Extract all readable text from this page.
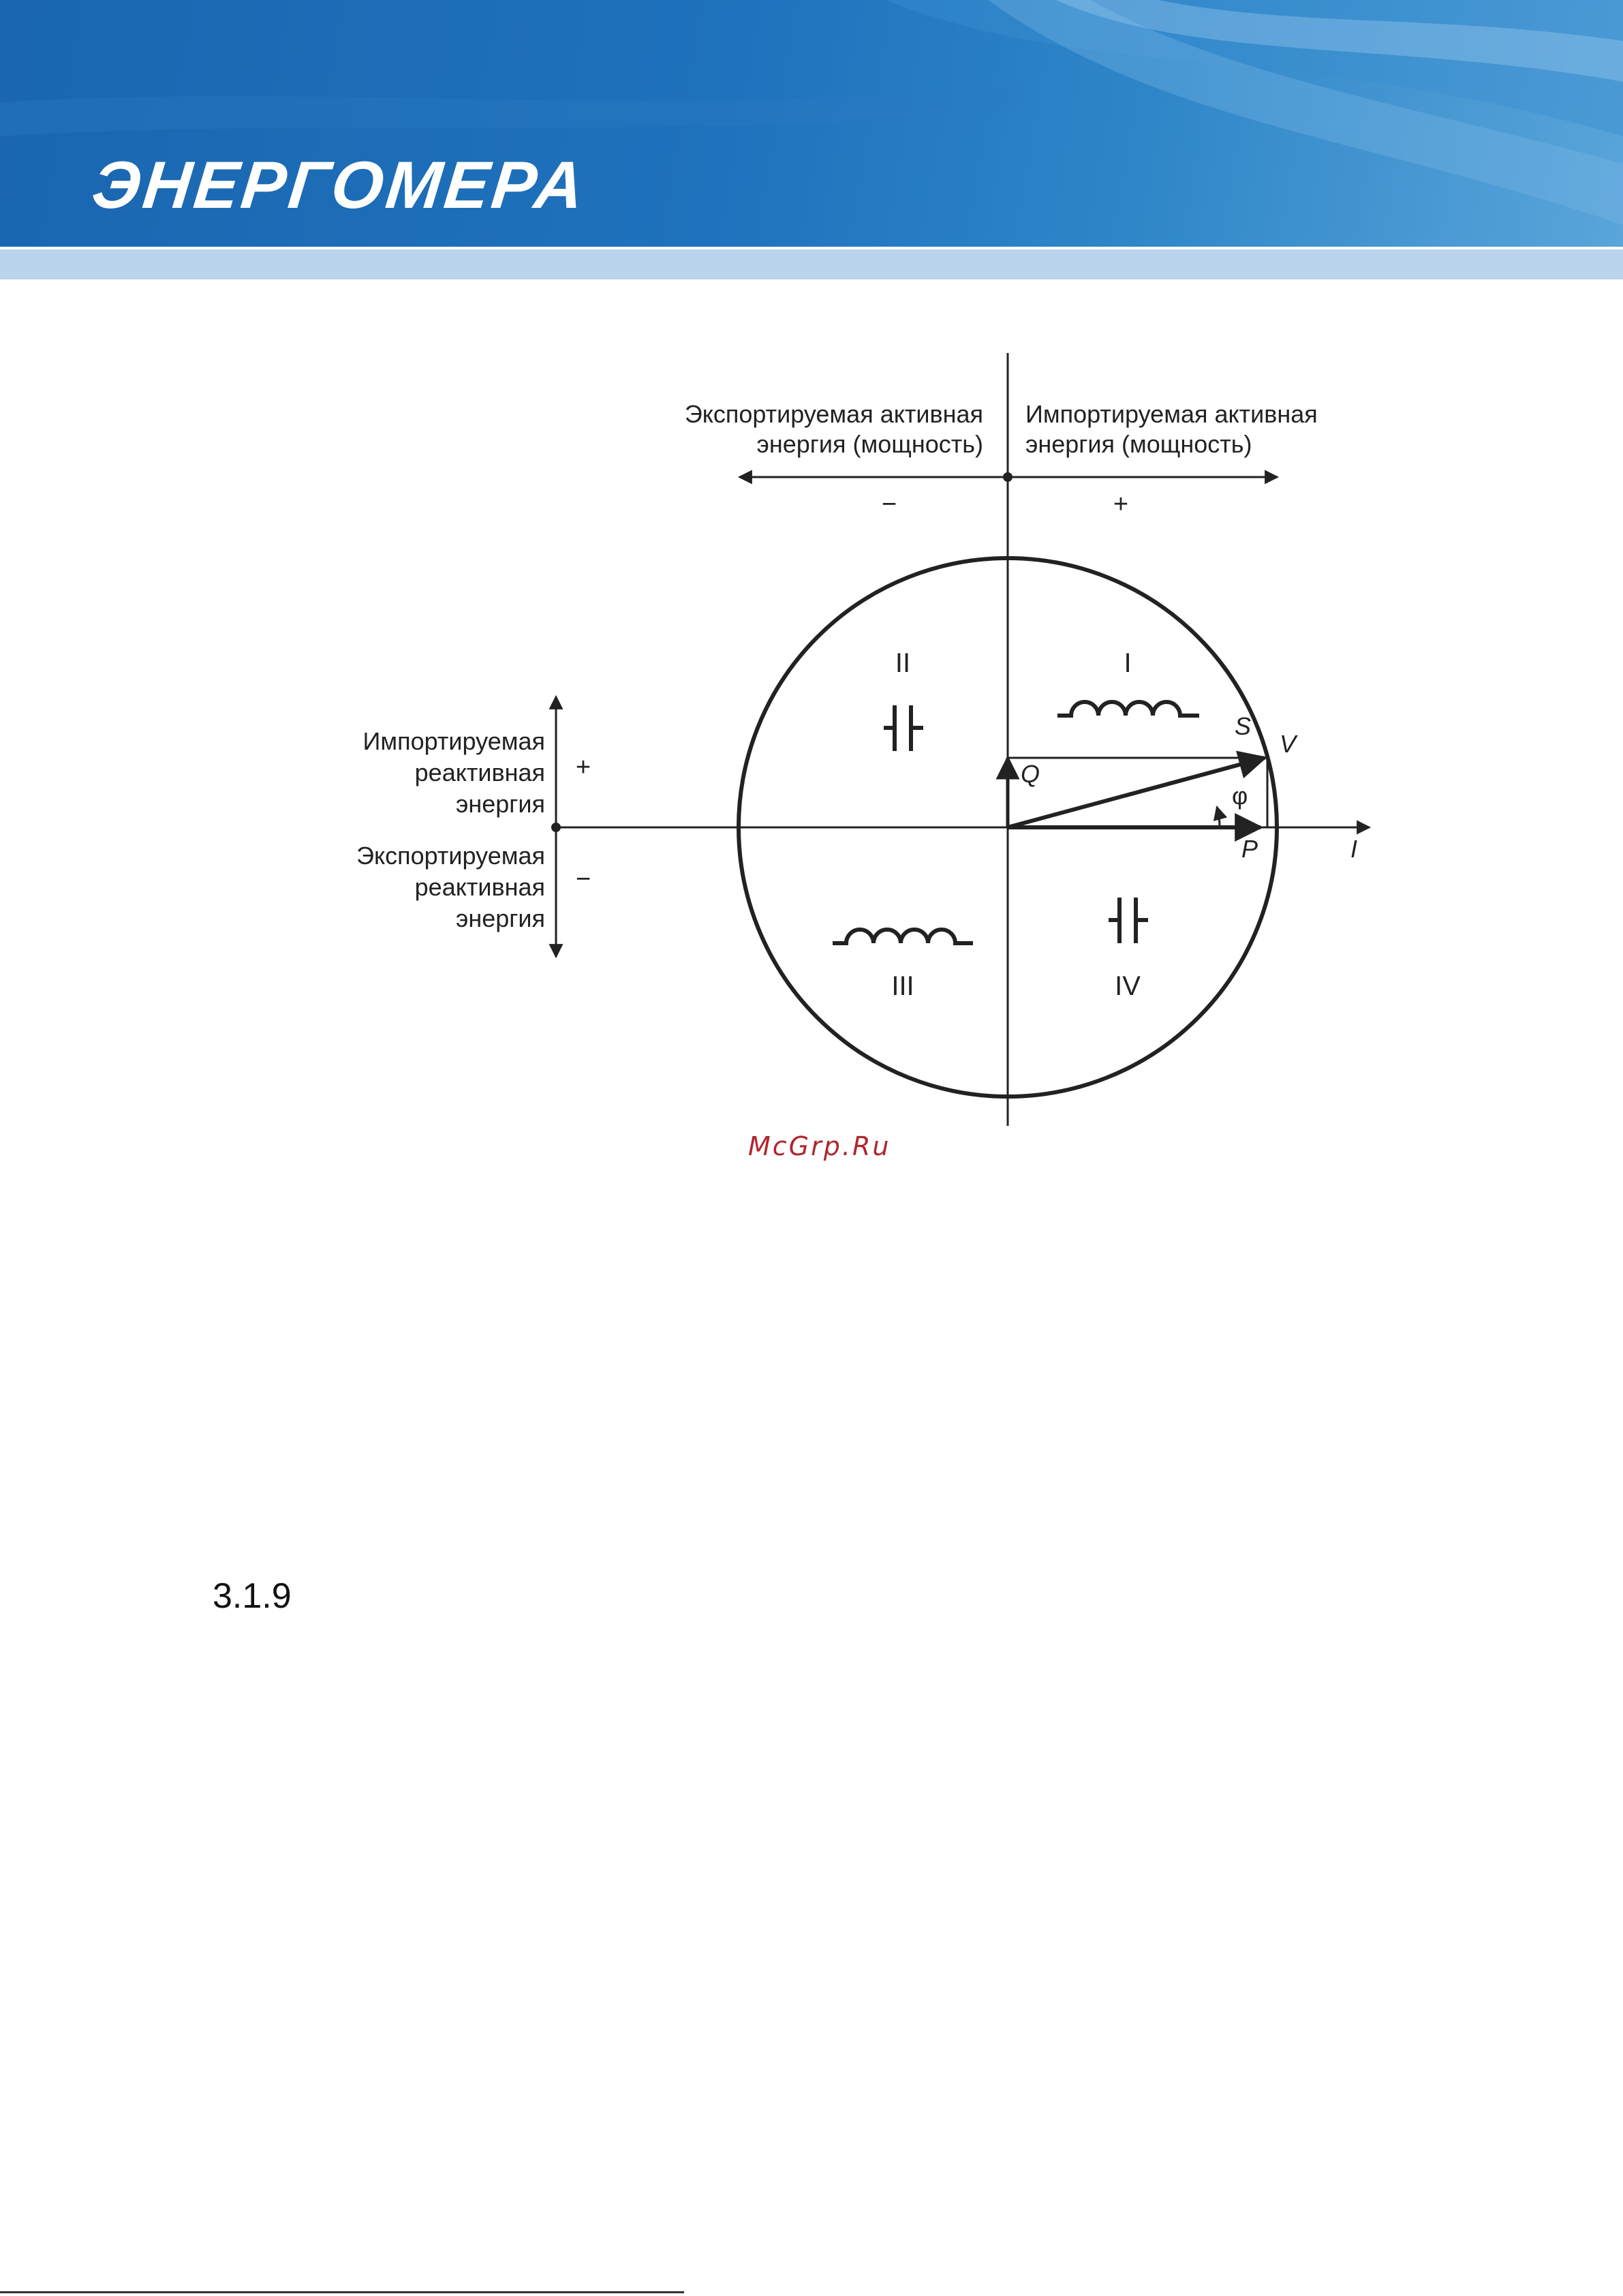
ЭНЕРГОМЕРА
Экспортируемая активная
энергия (мощность)
Импортируемая активная
энергия (мощность)
−	+
Импортируемая
реактивная
энергия
+
Экспортируемая
реактивная
энергия
−
I
II
III	IV
S
V
Q
φ
P	I
McGrp.Ru
3.1.9
